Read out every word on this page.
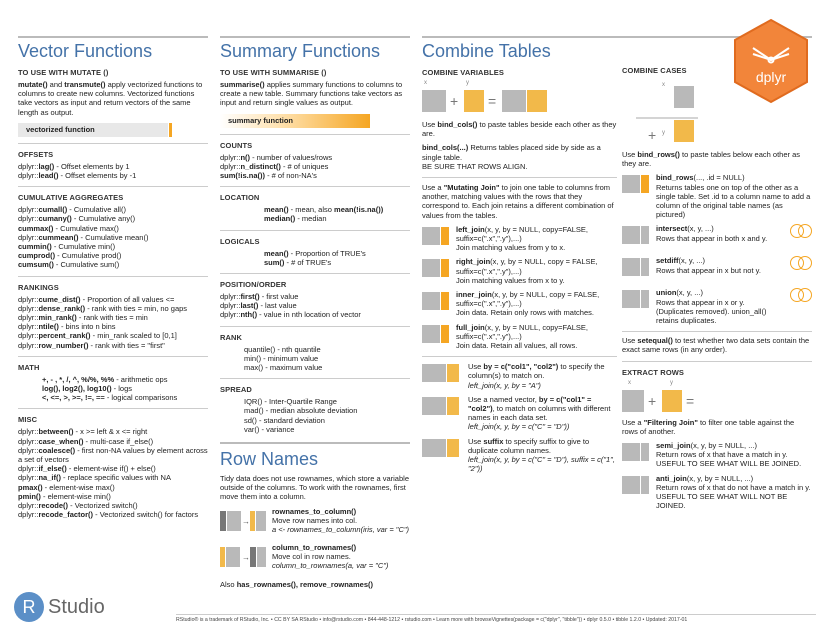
Vector Functions
TO USE WITH MUTATE ()

mutate() and transmute() apply vectorized functions to columns to create new columns. Vectorized functions take vectors as input and return vectors of the same length as output.

vectorized function
OFFSETS
dplyr::lag() - Offset elements by 1
dplyr::lead() - Offset elements by -1
CUMULATIVE AGGREGATES
dplyr::cumall() - Cumulative all()
dplyr::cumany() - Cumulative any()
cummax() - Cumulative max()
dplyr::cummean() - Cumulative mean()
cummin() - Cumulative min()
cumprod() - Cumulative prod()
cumsum() - Cumulative sum()
RANKINGS
dplyr::cume_dist() - Proportion of all values <=
dplyr::dense_rank() - rank with ties = min, no gaps
dplyr::min_rank() - rank with ties = min
dplyr::ntile() - bins into n bins
dplyr::percent_rank() - min_rank scaled to [0,1]
dplyr::row_number() - rank with ties = "first"
MATH
+, - , *, /, ^, %/%, %% - arithmetic ops
log(), log2(), log10() - logs
<, <=, >, >=, !=, == - logical comparisons
MISC

dplyr::between() - x >= left & x <= right

dplyr::case_when() - multi-case if_else()

dplyr::coalesce() - first non-NA values by element across a set of vectors

dplyr::if_else() - element-wise if() + else()

dplyr::na_if() - replace specific values with NA

pmax() - element-wise max()

pmin() - element-wise min()

dplyr::recode() - Vectorized switch()

dplyr::recode_factor() - Vectorized switch() for factors

Summary Functions
TO USE WITH SUMMARISE ()

summarise() applies summary functions to columns to create a new table. Summary functions take vectors as input and return single values as output.

summary function
COUNTS
dplyr::n() - number of values/rows
dplyr::n_distinct() - # of uniques
sum(!is.na()) - # of non-NA's
LOCATION
mean() - mean, also mean(!is.na())
median() - median
LOGICALS
mean() - Proportion of TRUE's
sum() - # of TRUE's
POSITION/ORDER
dplyr::first() - first value
dplyr::last() - last value
dplyr::nth() - value in nth location of vector
RANK
quantile() - nth quantile
min() - minimum value
max() - maximum value
SPREAD
IQR() - Inter-Quartile Range
mad() - median absolute deviation
sd() - standard deviation
var() - variance
Row Names

Tidy data does not use rownames, which store a variable outside of the columns. To work with the rownames, first move them into a column.

→

rownames_to_column()

Move row names into col.

a <- rownames_to_column(iris, var = "C")

→

column_to_rownames()

Move col in row names.

column_to_rownames(a, var = "C")

Also has_rownames(), remove_rownames()

Combine Tables
COMBINE VARIABLES
x	y
+ =

Use bind_cols() to paste tables beside each other as they are.

bind_cols(...) Returns tables placed side by side as a single table.
BE SURE THAT ROWS ALIGN.

Use a "Mutating Join" to join one table to columns from another, matching values with the rows that they correspond to. Each join retains a different combination of values from the tables.

left_join(x, y, by = NULL, copy=FALSE, suffix=c(".x",".y"),...)

Join matching values from y to x.

right_join(x, y, by = NULL, copy = FALSE, suffix=c(".x",".y"),...)

Join matching values from x to y.

inner_join(x, y, by = NULL, copy = FALSE, suffix=c(".x",".y"),...)

Join data. Retain only rows with matches.

full_join(x, y, by = NULL, copy=FALSE, suffix=c(".x",".y"),...)

Join data. Retain all values, all rows.

Use by = c("col1", "col2") to specify the column(s) to match on.

left_join(x, y, by = "A")

Use a named vector, by = c("col1" = "col2"), to match on columns with different names in each data set.

left_join(x, y, by = c("C" = "D"))

Use suffix to specify suffix to give to duplicate column names.

left_join(x, y, by = c("C" = "D"), suffix = c("1", "2"))

COMBINE CASES
x
y
+

Use bind_rows() to paste tables below each other as they are.

bind_rows(..., .id = NULL)

Returns tables one on top of the other as a single table. Set .id to a column name to add a column of the original table names (as pictured)

intersect(x, y, ...)

Rows that appear in both x and y.

setdiff(x, y, ...)

Rows that appear in x but not y.

union(x, y, ...)

Rows that appear in x or y. (Duplicates removed). union_all() retains duplicates.

Use setequal() to test whether two data sets contain the exact same rows (in any order).

EXTRACT ROWS
x	y
+ =

Use a "Filtering Join" to filter one table against the rows of another.

semi_join(x, y, by = NULL, ...)

Return rows of x that have a match in y.

USEFUL TO SEE WHAT WILL BE JOINED.

anti_join(x, y, by = NULL, ...)

Return rows of x that do not have a match in y.

USEFUL TO SEE WHAT WILL NOT BE JOINED.

dplyr
R Studio
RStudio® is a trademark of RStudio, Inc. • CC BY SA RStudio • info@rstudio.com • 844-448-1212 • rstudio.com • Learn more with browseVignettes(package = c("dplyr", "tibble")) • dplyr 0.5.0 • tibble 1.2.0 • Updated: 2017-01
